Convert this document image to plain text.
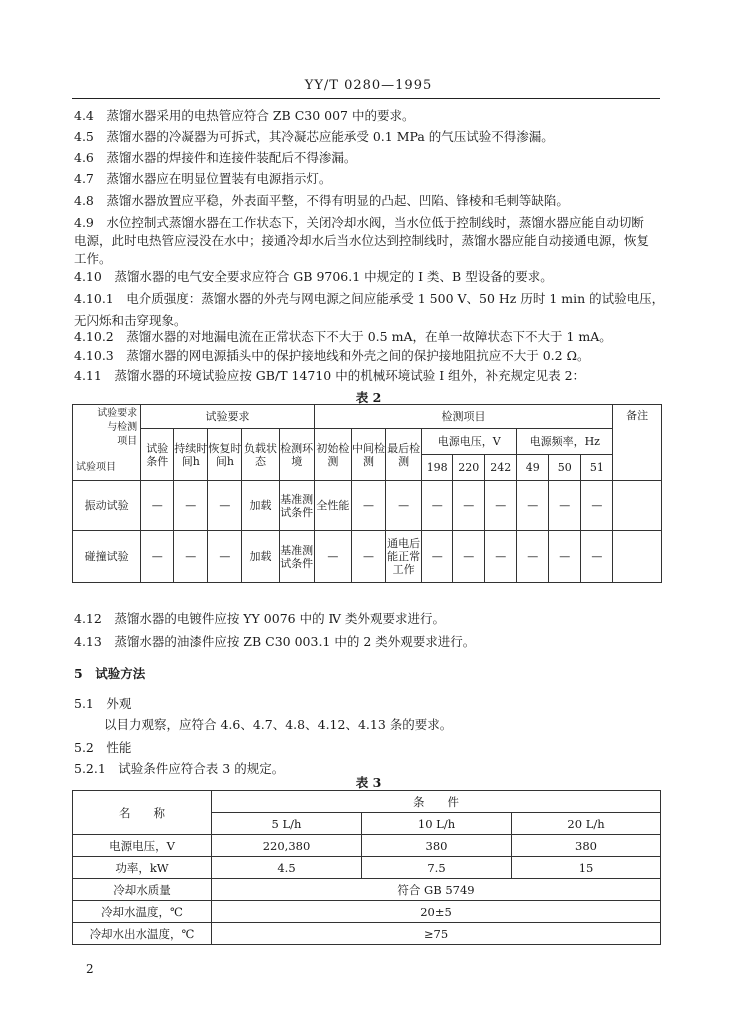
YY/T 0280—1995
4.4　蒸馏水器采用的电热管应符合 ZB C30 007 中的要求。
4.5　蒸馏水器的冷凝器为可拆式，其冷凝芯应能承受 0.1 MPa 的气压试验不得渗漏。
4.6　蒸馏水器的焊接件和连接件装配后不得渗漏。
4.7　蒸馏水器应在明显位置装有电源指示灯。
4.8　蒸馏水器放置应平稳，外表面平整，不得有明显的凸起、凹陷、锋棱和毛刺等缺陷。
4.9　水位控制式蒸馏水器在工作状态下，关闭冷却水阀，当水位低于控制线时，蒸馏水器应能自动切断
电源，此时电热管应浸没在水中；接通冷却水后当水位达到控制线时，蒸馏水器应能自动接通电源，恢复
工作。
4.10　蒸馏水器的电气安全要求应符合 GB 9706.1 中规定的 I 类、B 型设备的要求。
4.10.1　电介质强度：蒸馏水器的外壳与网电源之间应能承受 1 500 V、50 Hz 历时 1 min 的试验电压，
无闪烁和击穿现象。
4.10.2　蒸馏水器的对地漏电流在正常状态下不大于 0.5 mA，在单一故障状态下不大于 1 mA。
4.10.3　蒸馏水器的网电源插头中的保护接地线和外壳之间的保护接地阻抗应不大于 0.2 Ω。
4.11　蒸馏水器的环境试验应按 GB/T 14710 中的机械环境试验 I 组外，补充规定见表 2：
表 2
试验要求
与检测
项目
试验项目	试验要求					检测项目									备注
	试验条件	持续时间h	恢复时间h	负载状态	检测环境	初始检测	中间检测	最后检测	电源电压，V			电源频率，Hz			
									198	220	242	49	50	51	
振动试验	—	—	—	加载	基准测试条件	全性能	—	—	—	—	—	—	—	—	
碰撞试验	—	—	—	加载	基准测试条件	—	—	通电后能正常工作	—	—	—	—	—	—	
4.12　蒸馏水器的电镀件应按 YY 0076 中的 Ⅳ 类外观要求进行。
4.13　蒸馏水器的油漆件应按 ZB C30 003.1 中的 2 类外观要求进行。
5　试验方法
5.1　外观
以目力观察，应符合 4.6、4.7、4.8、4.12、4.13 条的要求。
5.2　性能
5.2.1　试验条件应符合表 3 的规定。
表 3
名　　称	条　　件		
	5 L/h	10 L/h	20 L/h
电源电压，V	220,380	380	380
功率，kW	4.5	7.5	15
冷却水质量	符合 GB 5749		
冷却水温度，℃	20±5		
冷却水出水温度，℃	≥75		
2
